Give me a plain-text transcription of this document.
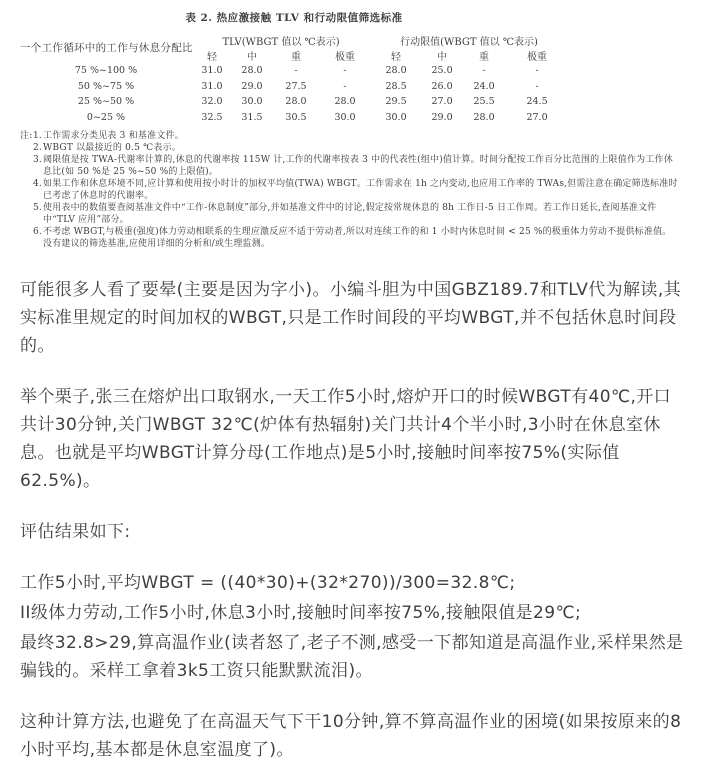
表 2. 热应激接触 TLV 和行动限值筛选标准
一个工作循环中的工作与休息分配比	TLV(WBGT 值以 ℃表示)				行动限值(WBGT 值以 ℃表示)			
	轻	中	重	极重	轻	中	重	极重
75 %~100 %	31.0	28.0	-	-	28.0	25.0	-	-
50 %~75 %	31.0	29.0	27.5	-	28.5	26.0	24.0	-
25 %~50 %	32.0	30.0	28.0	28.0	29.5	27.0	25.5	24.5
0~25 %	32.5	31.5	30.5	30.0	30.0	29.0	28.0	27.0
注: 1. 工作需求分类见表 3 和基准文件。
2. WBGT 以最接近的 0.5 ℃表示。
3. 阈限值是按 TWA-代谢率计算的,休息的代谢率按 115W 计,工作的代谢率按表 3 中的代表性(组中)值计算。时间分配按工作百分比范围的上限值作为工作休息比(如 50 %是 25 %~50 %的上限值)。
4. 如果工作和休息环境不同,应计算和使用按小时计的加权平均值(TWA) WBGT。工作需求在 1h 之内变动,也应用工作率的 TWAs,但需注意在确定筛选标准时已考虑了休息时的代谢率。
5. 使用表中的数值要查阅基准文件中“工作-休息制度”部分,并如基准文件中的讨论,假定按常规休息的 8h 工作日-5 日工作周。若工作日延长,查阅基准文件中“TLV 应用”部分。
6. 不考虑 WBGT,与极重(强度)体力劳动相联系的生理应激反应不适于劳动者,所以对连续工作的和 1 小时内休息时间 < 25 %的极重体力劳动不提供标准值。没有建议的筛选基准,应使用详细的分析和/或生理监测。

可能很多人看了要晕(主要是因为字小)。小编斗胆为中国GBZ189.7和TLV代为解读,其实标准里规定的时间加权的WBGT,只是工作时间段的平均WBGT,并不包括休息时间段的。

举个栗子,张三在熔炉出口取钢水,一天工作5小时,熔炉开口的时候WBGT有40℃,开口共计30分钟,关门WBGT 32℃(炉体有热辐射)关门共计4个半小时,3小时在休息室休息。也就是平均WBGT计算分母(工作地点)是5小时,接触时间率按75%(实际值62.5%)。

评估结果如下:

工作5小时,平均WBGT = ((40*30)+(32*270))/300=32.8℃;

II级体力劳动,工作5小时,休息3小时,接触时间率按75%,接触限值是29℃;

最终32.8>29,算高温作业(读者怒了,老子不测,感受一下都知道是高温作业,采样果然是骗钱的。采样工拿着3k5工资只能默默流泪)。

这种计算方法,也避免了在高温天气下干10分钟,算不算高温作业的困境(如果按原来的8小时平均,基本都是休息室温度了)。
